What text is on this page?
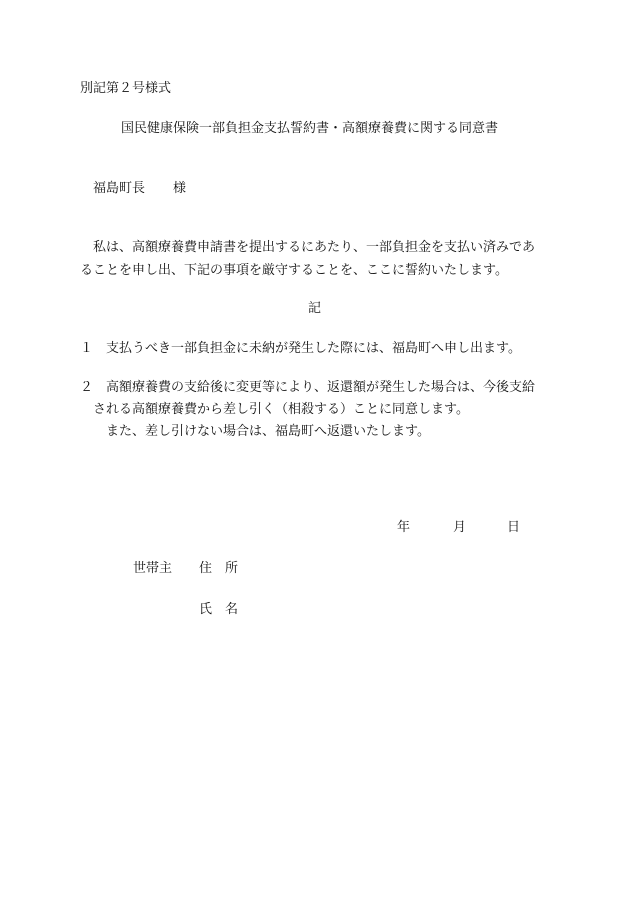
別記第２号様式
国民健康保険一部負担金支払誓約書・高額療養費に関する同意書
福島町長 様
私は、高額療養費申請書を提出するにあたり、一部負担金を支払い済みであ
ることを申し出、下記の事項を厳守することを、ここに誓約いたします。
記
１ 支払うべき一部負担金に未納が発生した際には、福島町へ申し出ます。
２ 高額療養費の支給後に変更等により、返還額が発生した場合は、今後支給
される高額療養費から差し引く（相殺する）ことに同意します。
また、差し引けない場合は、福島町へ返還いたします。
年	月	日
世帯主 住所
氏名
